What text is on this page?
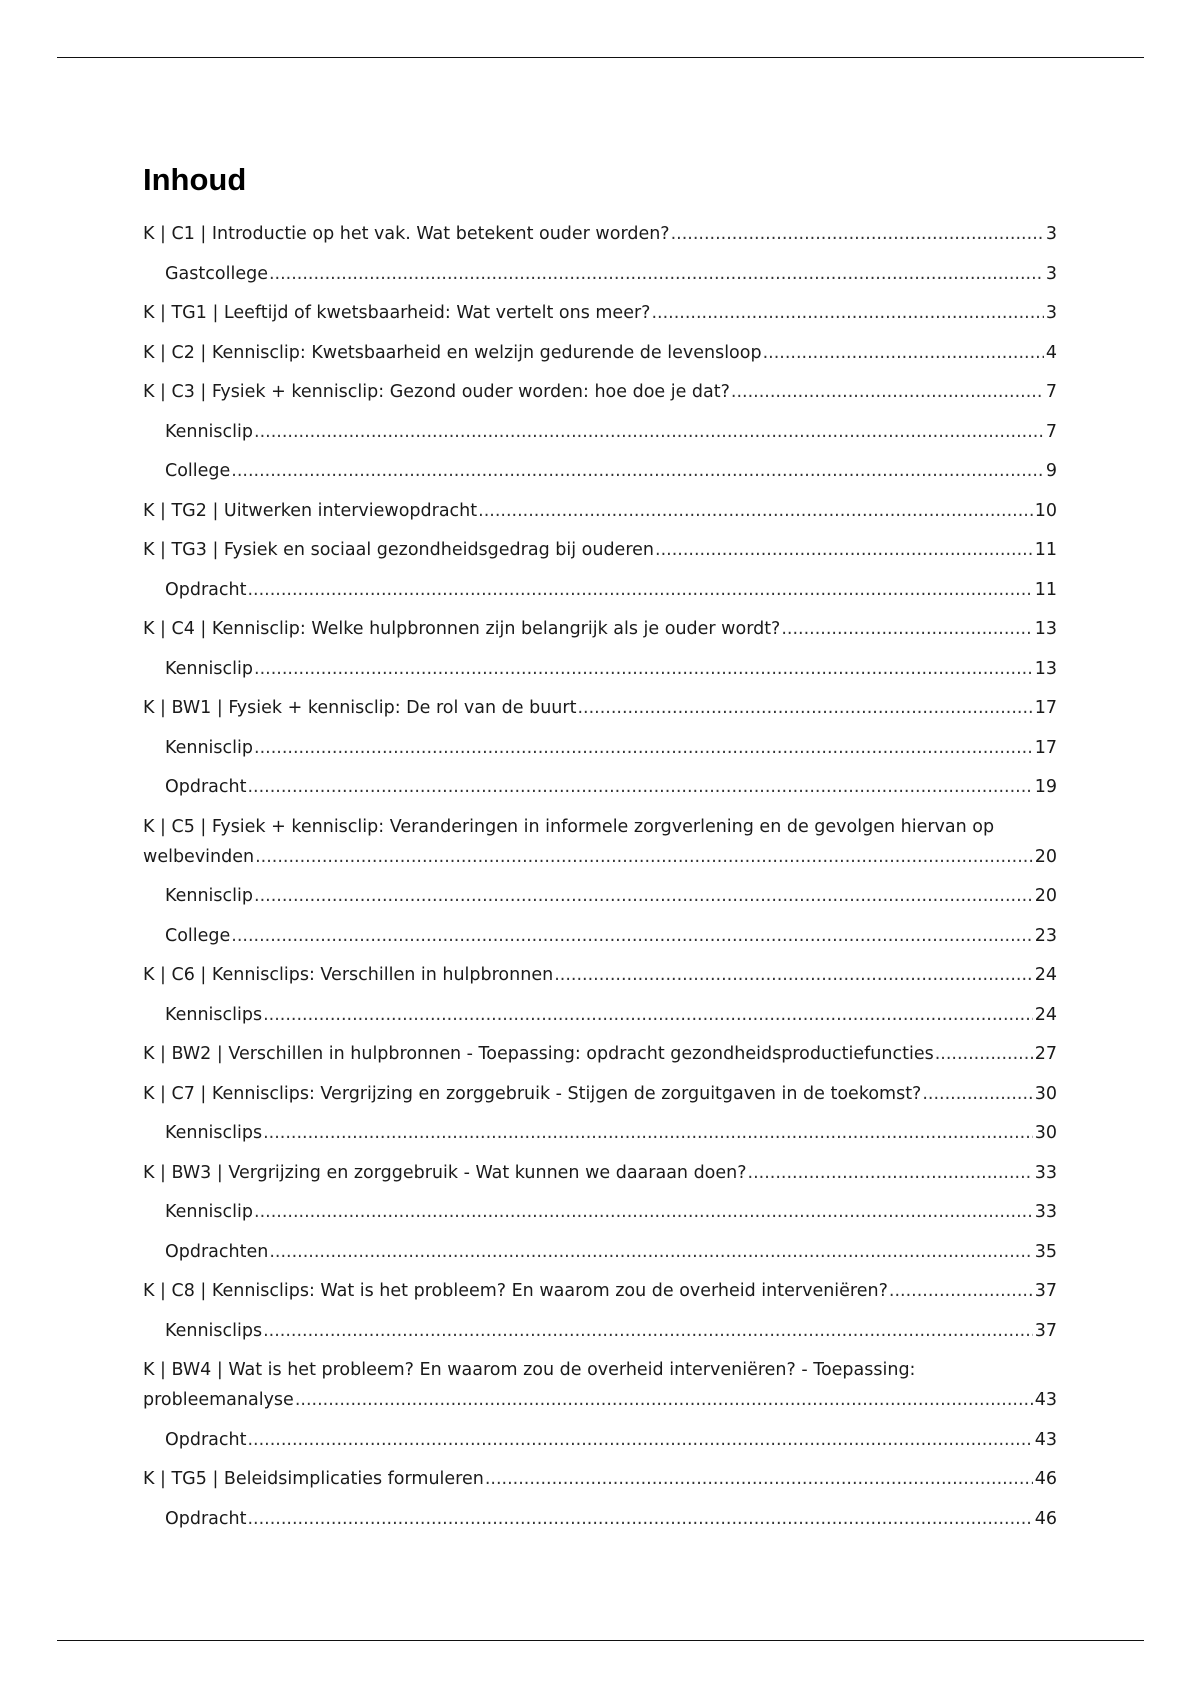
Inhoud
K | C1 | Introductie op het vak. Wat betekent ouder worden? .....	3
Gastcollege .....	3
K | TG1 | Leeftijd of kwetsbaarheid: Wat vertelt ons meer? .....	3
K | C2 | Kennisclip: Kwetsbaarheid en welzijn gedurende de levensloop .....	4
K | C3 | Fysiek + kennisclip: Gezond ouder worden: hoe doe je dat? .....	7
Kennisclip .....	7
College .....	9
K | TG2 | Uitwerken interviewopdracht .....	10
K | TG3 | Fysiek en sociaal gezondheidsgedrag bij ouderen .....	11
Opdracht .....	11
K | C4 | Kennisclip: Welke hulpbronnen zijn belangrijk als je ouder wordt? .....	13
Kennisclip .....	13
K | BW1 | Fysiek + kennisclip: De rol van de buurt .....	17
Kennisclip .....	17
Opdracht .....	19
K | C5 | Fysiek + kennisclip: Veranderingen in informele zorgverlening en de gevolgen hiervan op welbevinden .....	20
Kennisclip .....	20
College .....	23
K | C6 | Kennisclips: Verschillen in hulpbronnen .....	24
Kennisclips .....	24
K | BW2 | Verschillen in hulpbronnen - Toepassing: opdracht gezondheidsproductiefuncties .....	27
K | C7 | Kennisclips: Vergrijzing en zorggebruik - Stijgen de zorguitgaven in de toekomst? .....	30
Kennisclips .....	30
K | BW3 | Vergrijzing en zorggebruik - Wat kunnen we daaraan doen? .....	33
Kennisclip .....	33
Opdrachten .....	35
K | C8 | Kennisclips: Wat is het probleem? En waarom zou de overheid interveniëren? .....	37
Kennisclips .....	37
K | BW4 | Wat is het probleem? En waarom zou de overheid interveniëren? - Toepassing: probleemanalyse .....	43
Opdracht .....	43
K | TG5 | Beleidsimplicaties formuleren .....	46
Opdracht .....	46
